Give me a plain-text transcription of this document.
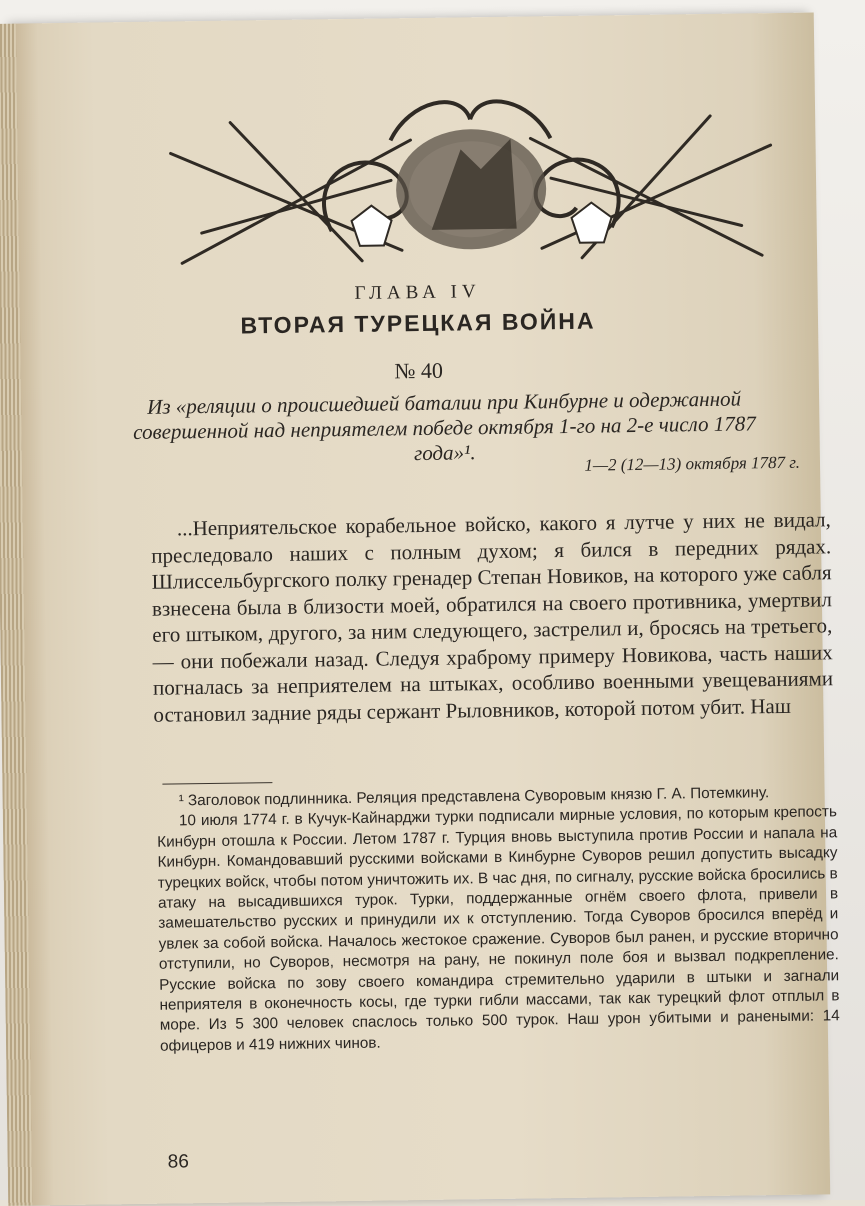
ГЛАВА IV
ВТОРАЯ ТУРЕЦКАЯ ВОЙНА
№ 40
Из «реляции о происшедшей баталии при Кинбурне и одержанной совершенной над неприятелем победе октября 1-го на 2-е число 1787 года»¹.	1—2 (12—13) октября 1787 г.

...Неприятельское корабельное войско, какого я лутче у них не видал, преследовало наших с полным духом; я бился в передних рядах. Шлиссельбургского полку гренадер Степан Новиков, на которого уже сабля взнесена была в близости моей, обратился на своего противника, умертвил его штыком, другого, за ним следующего, застрелил и, бросясь на третьего,— они побежали назад. Следуя храброму примеру Новикова, часть наших погналась за неприятелем на штыках, особливо военными увещеваниями остановил задние ряды сержант Рыловников, которой потом убит. Наш

¹ Заголовок подлинника. Реляция представлена Суворовым князю Г. А. Потемкину.

10 июля 1774 г. в Кучук-Кайнарджи турки подписали мирные условия, по которым крепость Кинбурн отошла к России. Летом 1787 г. Турция вновь выступила против России и напала на Кинбурн. Командовавший русскими войсками в Кинбурне Суворов решил допустить высадку турецких войск, чтобы потом уничтожить их. В час дня, по сигналу, русские войска бросились в атаку на высадившихся турок. Турки, поддержанные огнём своего флота, привели в замешательство русских и принудили их к отступлению. Тогда Суворов бросился вперёд и увлек за собой войска. Началось жестокое сражение. Суворов был ранен, и русские вторично отступили, но Суворов, несмотря на рану, не покинул поле боя и вызвал подкрепление. Русские войска по зову своего командира стремительно ударили в штыки и загнали неприятеля в оконечность косы, где турки гибли массами, так как турецкий флот отплыл в море. Из 5 300 человек спаслось только 500 турок. Наш урон убитыми и ранеными: 14 офицеров и 419 нижних чинов.

86
